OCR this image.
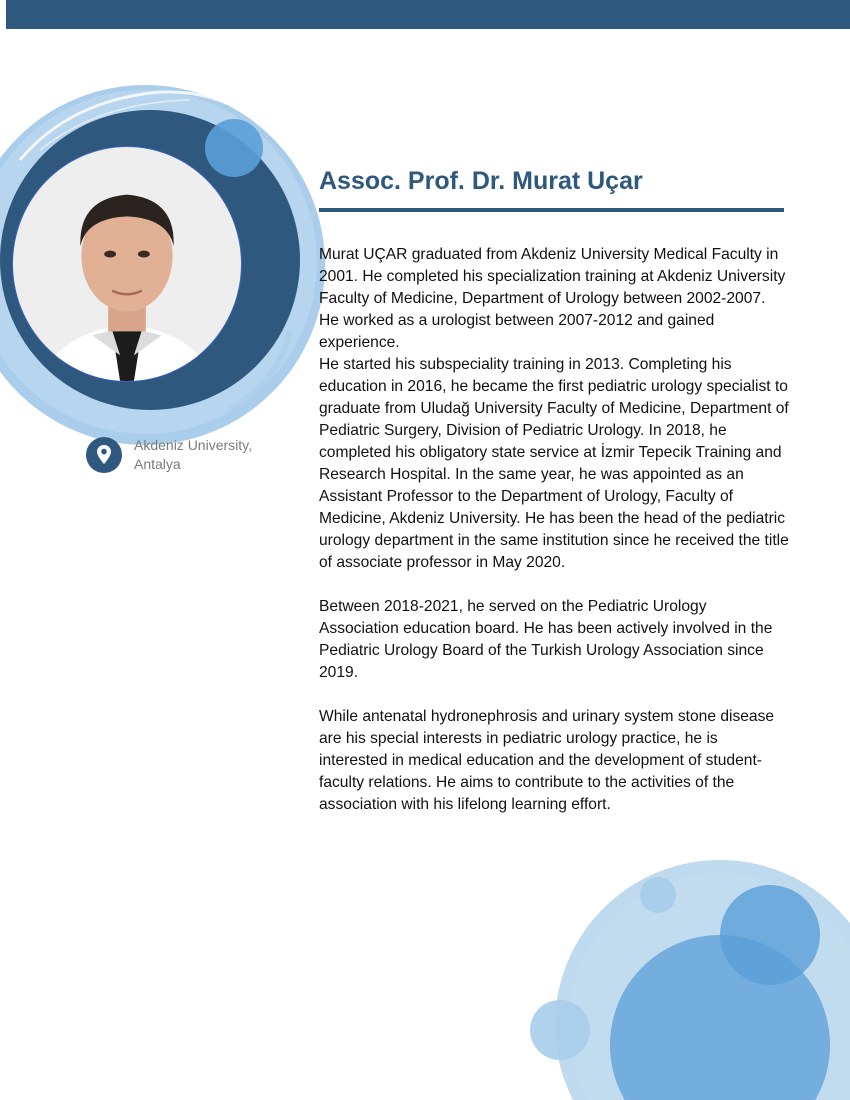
Akdeniz University,
Antalya
Assoc. Prof. Dr. Murat Uçar

Murat UÇAR graduated from Akdeniz University Medical Faculty in 2001. He completed his specialization training at Akdeniz University Faculty of Medicine, Department of Urology between 2002-2007. He worked as a urologist between 2007-2012 and gained experience.

He started his subspeciality training in 2013. Completing his education in 2016, he became the first pediatric urology specialist to graduate from Uludağ University Faculty of Medicine, Department of Pediatric Surgery, Division of Pediatric Urology. In 2018, he completed his obligatory state service at İzmir Tepecik Training and Research Hospital. In the same year, he was appointed as an Assistant Professor to the Department of Urology, Faculty of Medicine, Akdeniz University. He has been the head of the pediatric urology department in the same institution since he received the title of associate professor in May 2020.

Between 2018-2021, he served on the Pediatric Urology Association education board. He has been actively involved in the Pediatric Urology Board of the Turkish Urology Association since 2019.

While antenatal hydronephrosis and urinary system stone disease are his special interests in pediatric urology practice, he is interested in medical education and the development of student-faculty relations. He aims to contribute to the activities of the association with his lifelong learning effort.
